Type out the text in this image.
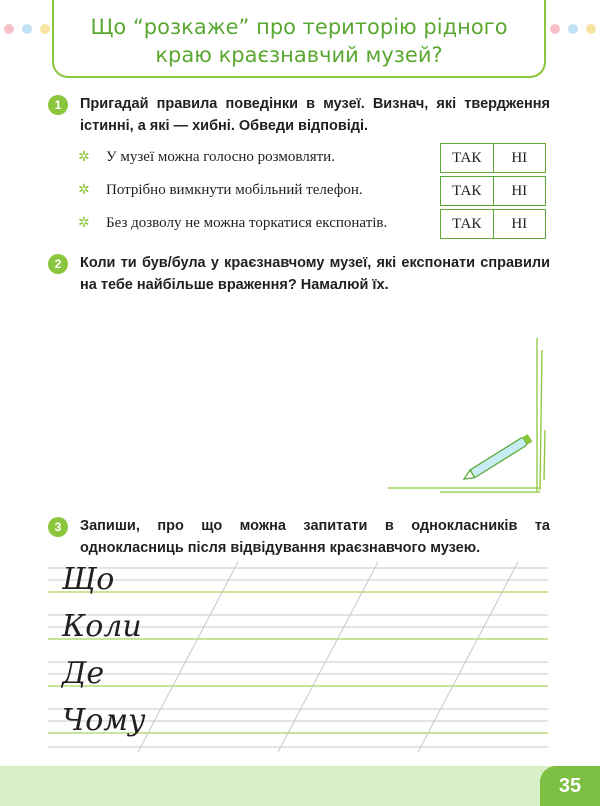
Що “розкаже” про територію рідного краю краєзнавчий музей?
1	Пригадай правила поведінки в музеї. Визнач, які твердження істинні, а які — хибні. Обведи відповіді.
✲ У музеї можна голосно розмовляти.	ТАК	НІ
✲ Потрібно вимкнути мобільний телефон.	ТАК	НІ
✲ Без дозволу не можна торкатися експонатів.	ТАК	НІ
2	Коли ти був/була у краєзнавчому музеї, які експонати справили на тебе найбільше враження? Намалюй їх.
3	Запиши, про що можна запитати в однокласників та однокласниць після відвідування краєзнавчого музею.
Що
Коли
Де
Чому
35
